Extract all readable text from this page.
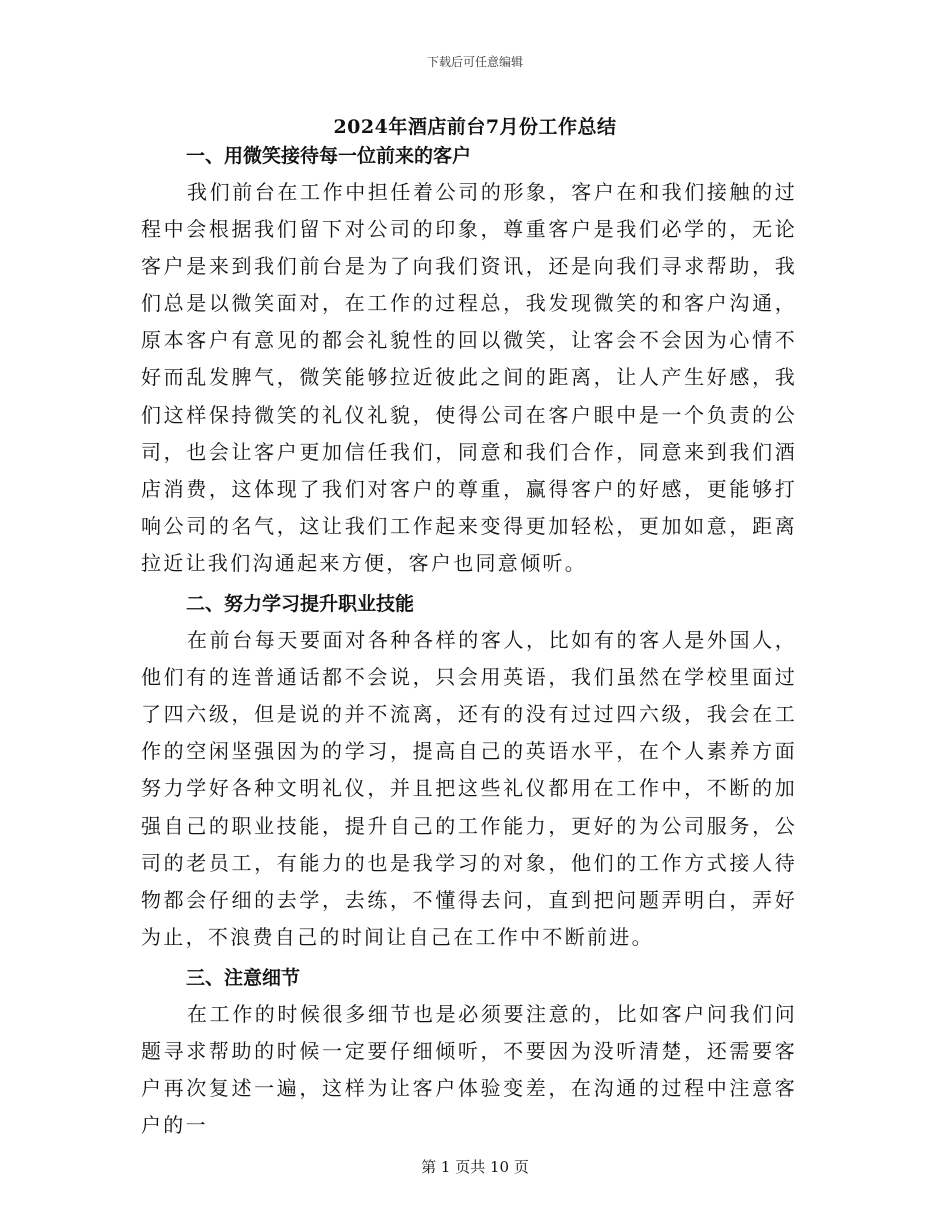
下载后可任意编辑
2024年酒店前台7月份工作总结
一、用微笑接待每一位前来的客户

我们前台在工作中担任着公司的形象，客户在和我们接触的过程中会根据我们留下对公司的印象，尊重客户是我们必学的，无论客户是来到我们前台是为了向我们资讯，还是向我们寻求帮助，我们总是以微笑面对，在工作的过程总，我发现微笑的和客户沟通，原本客户有意见的都会礼貌性的回以微笑，让客会不会因为心情不好而乱发脾气，微笑能够拉近彼此之间的距离，让人产生好感，我们这样保持微笑的礼仪礼貌，使得公司在客户眼中是一个负责的公司，也会让客户更加信任我们，同意和我们合作，同意来到我们酒店消费，这体现了我们对客户的尊重，赢得客户的好感，更能够打响公司的名气，这让我们工作起来变得更加轻松，更加如意，距离拉近让我们沟通起来方便，客户也同意倾听。

二、努力学习提升职业技能

在前台每天要面对各种各样的客人，比如有的客人是外国人，他们有的连普通话都不会说，只会用英语，我们虽然在学校里面过了四六级，但是说的并不流离，还有的没有过过四六级，我会在工作的空闲坚强因为的学习，提高自己的英语水平，在个人素养方面努力学好各种文明礼仪，并且把这些礼仪都用在工作中，不断的加强自己的职业技能，提升自己的工作能力，更好的为公司服务，公司的老员工，有能力的也是我学习的对象，他们的工作方式接人待物都会仔细的去学，去练，不懂得去问，直到把问题弄明白，弄好为止，不浪费自己的时间让自己在工作中不断前进。

三、注意细节

在工作的时候很多细节也是必须要注意的，比如客户问我们问题寻求帮助的时候一定要仔细倾听，不要因为没听清楚，还需要客户再次复述一遍，这样为让客户体验变差，在沟通的过程中注意客户的一

第 1 页共 10 页
